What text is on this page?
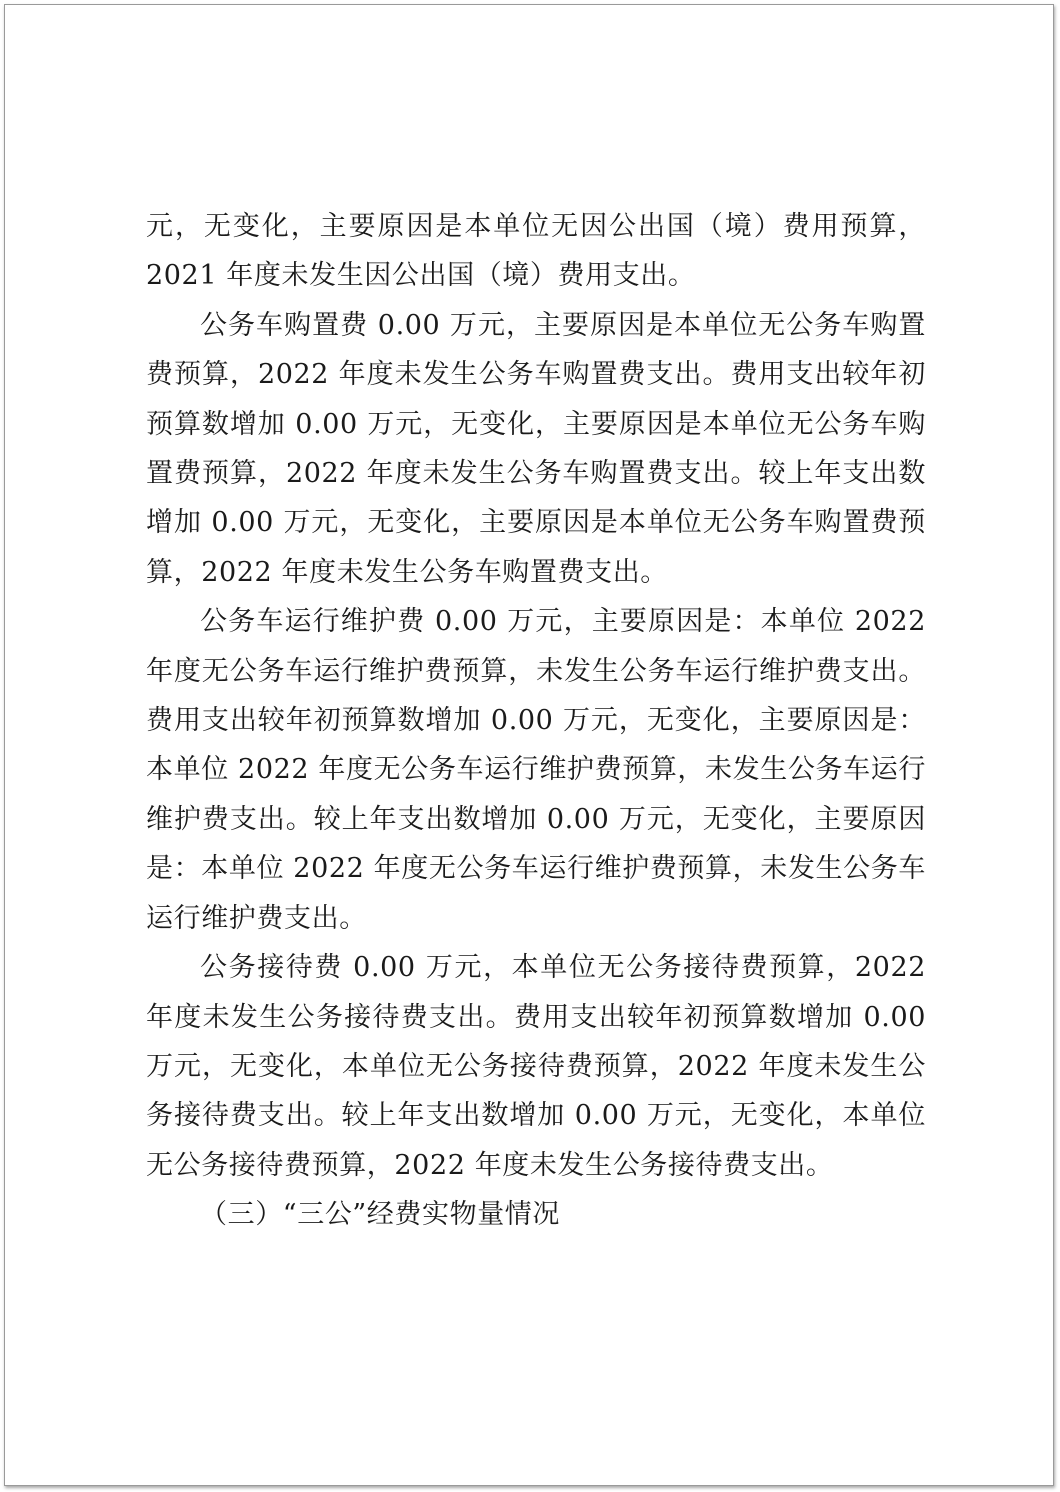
元，无变化，主要原因是本单位无因公出国（境）费用预算，2021 年度未发生因公出国（境）费用支出。

公务车购置费 0.00 万元，主要原因是本单位无公务车购置费预算，2022 年度未发生公务车购置费支出。费用支出较年初预算数增加 0.00 万元，无变化，主要原因是本单位无公务车购置费预算，2022 年度未发生公务车购置费支出。较上年支出数增加 0.00 万元，无变化，主要原因是本单位无公务车购置费预算，2022 年度未发生公务车购置费支出。

公务车运行维护费 0.00 万元，主要原因是：本单位 2022 年度无公务车运行维护费预算，未发生公务车运行维护费支出。费用支出较年初预算数增加 0.00 万元，无变化，主要原因是：本单位 2022 年度无公务车运行维护费预算，未发生公务车运行维护费支出。较上年支出数增加 0.00 万元，无变化，主要原因是：本单位 2022 年度无公务车运行维护费预算，未发生公务车运行维护费支出。

公务接待费 0.00 万元，本单位无公务接待费预算，2022 年度未发生公务接待费支出。费用支出较年初预算数增加 0.00 万元，无变化，本单位无公务接待费预算，2022 年度未发生公务接待费支出。较上年支出数增加 0.00 万元，无变化，本单位无公务接待费预算，2022 年度未发生公务接待费支出。

（三）“三公”经费实物量情况
